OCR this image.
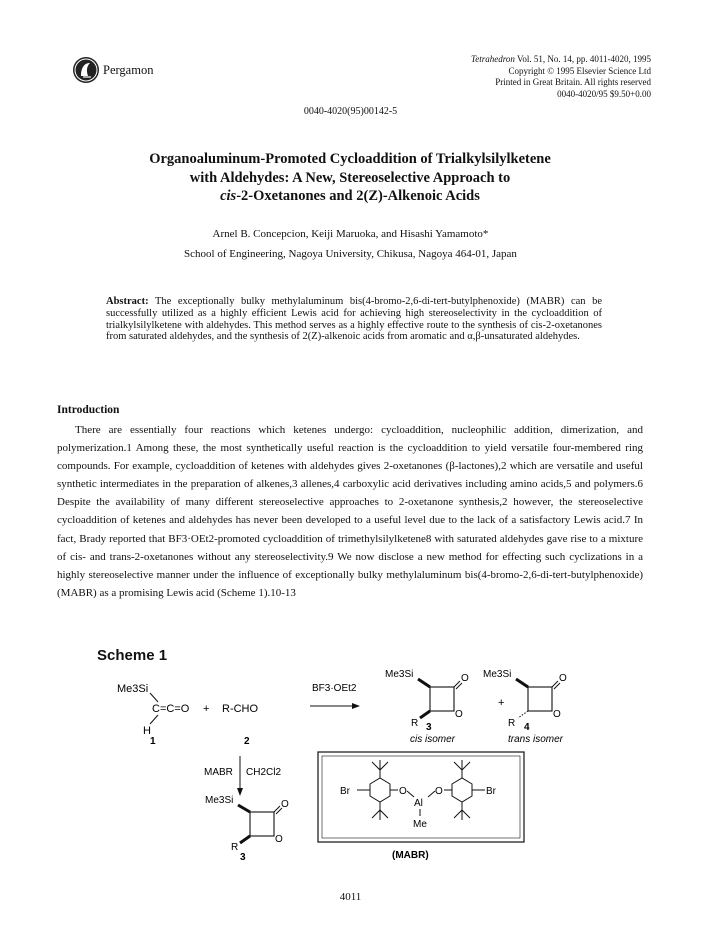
Pergamon
Tetrahedron Vol. 51, No. 14, pp. 4011-4020, 1995
Copyright © 1995 Elsevier Science Ltd
Printed in Great Britain. All rights reserved
0040-4020/95 $9.50+0.00
0040-4020(95)00142-5
Organoaluminum-Promoted Cycloaddition of Trialkylsilylketene
with Aldehydes: A New, Stereoselective Approach to
cis-2-Oxetanones and 2(Z)-Alkenoic Acids
Arnel B. Concepcion, Keiji Maruoka, and Hisashi Yamamoto*
School of Engineering, Nagoya University, Chikusa, Nagoya 464-01, Japan
Abstract: The exceptionally bulky methylaluminum bis(4-bromo-2,6-di-tert-butylphenoxide) (MABR) can be successfully utilized as a highly efficient Lewis acid for achieving high stereoselectivity in the cycloaddition of trialkylsilylketene with aldehydes. This method serves as a highly effective route to the synthesis of cis-2-oxetanones from saturated aldehydes, and the synthesis of 2(Z)-alkenoic acids from aromatic and α,β-unsaturated aldehydes.
Introduction

There are essentially four reactions which ketenes undergo: cycloaddition, nucleophilic addition, dimerization, and polymerization.1 Among these, the most synthetically useful reaction is the cycloaddition to yield versatile four-membered ring compounds. For example, cycloaddition of ketenes with aldehydes gives 2-oxetanones (β-lactones),2 which are versatile and useful synthetic intermediates in the preparation of alkenes,3 allenes,4 carboxylic acid derivatives including amino acids,5 and polymers.6 Despite the availability of many different stereoselective approaches to 2-oxetanone synthesis,2 however, the stereoselective cycloaddition of ketenes and aldehydes has never been developed to a useful level due to the lack of a satisfactory Lewis acid.7 In fact, Brady reported that BF3·OEt2-promoted cycloaddition of trimethylsilylketene8 with saturated aldehydes gave rise to a mixture of cis- and trans-2-oxetanones without any stereoselectivity.9 We now disclose a new method for effecting such cyclizations in a highly stereoselective manner under the influence of exceptionally bulky methylaluminum bis(4-bromo-2,6-di-tert-butylphenoxide) (MABR) as a promising Lewis acid (Scheme 1).10-13

Scheme 1
Me3Si
C=C=O
H
+ R-CHO
1	2
BF3·OEt2
Me3Si	O
O
R 3
cis isomer
+
Me3Si	O
O
R 4
trans isomer
MABR CH2Cl2
Me3Si	O
O
R
3
Br	Br
O
Al
O
Me
(MABR)
4011
